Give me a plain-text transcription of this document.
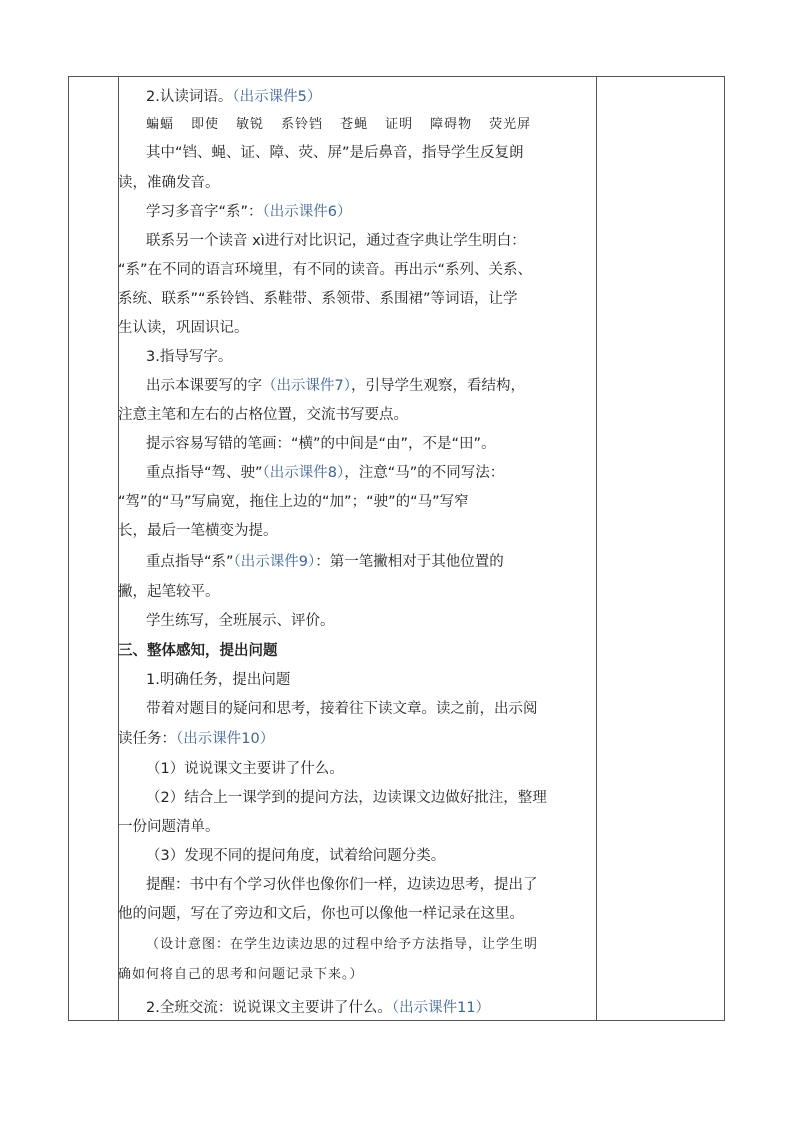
2.认读词语。（出示课件5）
蝙蝠 即使 敏锐 系铃铛 苍蝇 证明 障碍物 荧光屏
其中“铛、蝇、证、障、荧、屏”是后鼻音，指导学生反复朗
读，准确发音。
学习多音字“系”：（出示课件6）
联系另一个读音 xì进行对比识记，通过查字典让学生明白：
“系”在不同的语言环境里，有不同的读音。再出示“系列、关系、
系统、联系”“系铃铛、系鞋带、系领带、系围裙”等词语，让学
生认读，巩固识记。
3.指导写字。
出示本课要写的字（出示课件7），引导学生观察，看结构，
注意主笔和左右的占格位置，交流书写要点。
提示容易写错的笔画：“横”的中间是“由”，不是“田”。
重点指导“驾、驶”（出示课件8），注意“马”的不同写法：
“驾”的“马”写扁宽，拖住上边的“加”；“驶”的“马”写窄
长，最后一笔横变为提。
重点指导“系”（出示课件9）：第一笔撇相对于其他位置的
撇，起笔较平。
学生练写，全班展示、评价。
三、整体感知，提出问题
1.明确任务，提出问题
带着对题目的疑问和思考，接着往下读文章。读之前，出示阅
读任务：（出示课件10）
（1）说说课文主要讲了什么。
（2）结合上一课学到的提问方法，边读课文边做好批注，整理
一份问题清单。
（3）发现不同的提问角度，试着给问题分类。
提醒：书中有个学习伙伴也像你们一样，边读边思考，提出了
他的问题，写在了旁边和文后，你也可以像他一样记录在这里。
（设计意图：在学生边读边思的过程中给予方法指导，让学生明
确如何将自己的思考和问题记录下来。）
2.全班交流：说说课文主要讲了什么。（出示课件11）
